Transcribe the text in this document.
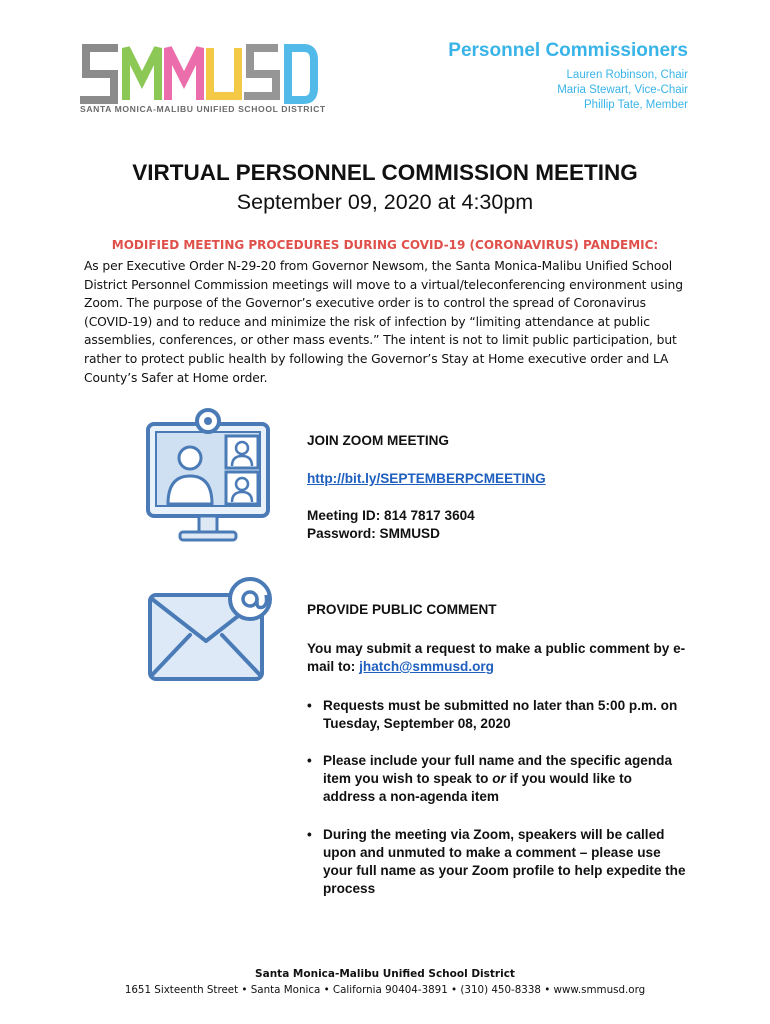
SANTA MONICA-MALIBU UNIFIED SCHOOL DISTRICT
Personnel Commissioners
Lauren Robinson, Chair
Maria Stewart, Vice-Chair
Phillip Tate, Member
VIRTUAL PERSONNEL COMMISSION MEETING
September 09, 2020 at 4:30pm
MODIFIED MEETING PROCEDURES DURING COVID-19 (CORONAVIRUS) PANDEMIC:
As per Executive Order N-29-20 from Governor Newsom, the Santa Monica-Malibu Unified School District Personnel Commission meetings will move to a virtual/teleconferencing environment using Zoom. The purpose of the Governor’s executive order is to control the spread of Coronavirus (COVID-19) and to reduce and minimize the risk of infection by “limiting attendance at public assemblies, conferences, or other mass events.” The intent is not to limit public participation, but rather to protect public health by following the Governor’s Stay at Home executive order and LA County’s Safer at Home order.
JOIN ZOOM MEETING
http://bit.ly/SEPTEMBERPCMEETING
Meeting ID: 814 7817 3604
Password: SMMUSD
PROVIDE PUBLIC COMMENT
You may submit a request to make a public comment by e-mail to: jhatch@smmusd.org
• Requests must be submitted no later than 5:00 p.m. on Tuesday, September 08, 2020
• Please include your full name and the specific agenda item you wish to speak to or if you would like to address a non-agenda item
• During the meeting via Zoom, speakers will be called upon and unmuted to make a comment – please use your full name as your Zoom profile to help expedite the process
Santa Monica-Malibu Unified School District
1651 Sixteenth Street • Santa Monica • California 90404-3891 • (310) 450-8338 • www.smmusd.org
